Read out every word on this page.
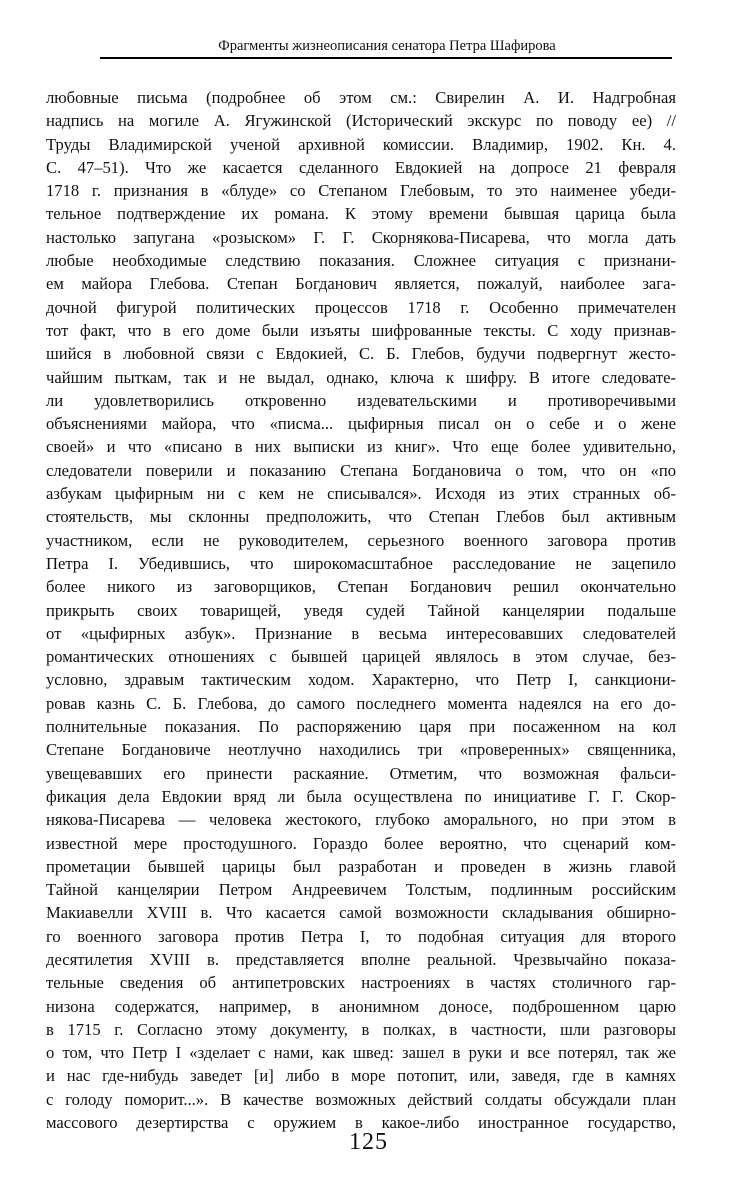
Фрагменты жизнеописания сенатора Петра Шафирова
любовные письма (подробнее об этом см.: Свирелин А. И. Надгробная
надпись на могиле А. Ягужинской (Исторический экскурс по поводу ее) //
Труды Владимирской ученой архивной комиссии. Владимир, 1902. Кн. 4.
С. 47–51). Что же касается сделанного Евдокией на допросе 21 февраля
1718 г. признания в «блуде» со Степаном Глебовым, то это наименее убеди-
тельное подтверждение их романа. К этому времени бывшая царица была
настолько запугана «розыском» Г. Г. Скорнякова-Писарева, что могла дать
любые необходимые следствию показания. Сложнее ситуация с признани-
ем майора Глебова. Степан Богданович является, пожалуй, наиболее зага-
дочной фигурой политических процессов 1718 г. Особенно примечателен
тот факт, что в его доме были изъяты шифрованные тексты. С ходу признав-
шийся в любовной связи с Евдокией, С. Б. Глебов, будучи подвергнут жесто-
чайшим пыткам, так и не выдал, однако, ключа к шифру. В итоге следовате-
ли удовлетворились откровенно издевательскими и противоречивыми
объяснениями майора, что «писма... цыфирныя писал он о себе и о жене
своей» и что «писано в них выписки из книг». Что еще более удивительно,
следователи поверили и показанию Степана Богдановича о том, что он «по
азбукам цыфирным ни с кем не списывался». Исходя из этих странных об-
стоятельств, мы склонны предположить, что Степан Глебов был активным
участником, если не руководителем, серьезного военного заговора против
Петра I. Убедившись, что широкомасштабное расследование не зацепило
более никого из заговорщиков, Степан Богданович решил окончательно
прикрыть своих товарищей, уведя судей Тайной канцелярии подальше
от «цыфирных азбук». Признание в весьма интересовавших следователей
романтических отношениях с бывшей царицей являлось в этом случае, без-
условно, здравым тактическим ходом. Характерно, что Петр I, санкциони-
ровав казнь С. Б. Глебова, до самого последнего момента надеялся на его до-
полнительные показания. По распоряжению царя при посаженном на кол
Степане Богдановиче неотлучно находились три «проверенных» священника,
увещевавших его принести раскаяние. Отметим, что возможная фальси-
фикация дела Евдокии вряд ли была осуществлена по инициативе Г. Г. Скор-
някова-Писарева — человека жестокого, глубоко аморального, но при этом в
известной мере простодушного. Гораздо более вероятно, что сценарий ком-
прометации бывшей царицы был разработан и проведен в жизнь главой
Тайной канцелярии Петром Андреевичем Толстым, подлинным российским
Макиавелли XVIII в. Что касается самой возможности складывания обширно-
го военного заговора против Петра I, то подобная ситуация для второго
десятилетия XVIII в. представляется вполне реальной. Чрезвычайно показа-
тельные сведения об антипетровских настроениях в частях столичного гар-
низона содержатся, например, в анонимном доносе, подброшенном царю
в 1715 г. Согласно этому документу, в полках, в частности, шли разговоры
о том, что Петр I «зделает с нами, как швед: зашел в руки и все потерял, так же
и нас где-нибудь заведет [и] либо в море потопит, или, заведя, где в камнях
с голоду поморит...». В качестве возможных действий солдаты обсуждали план
массового дезертирства с оружием в какое-либо иностранное государство,
125
